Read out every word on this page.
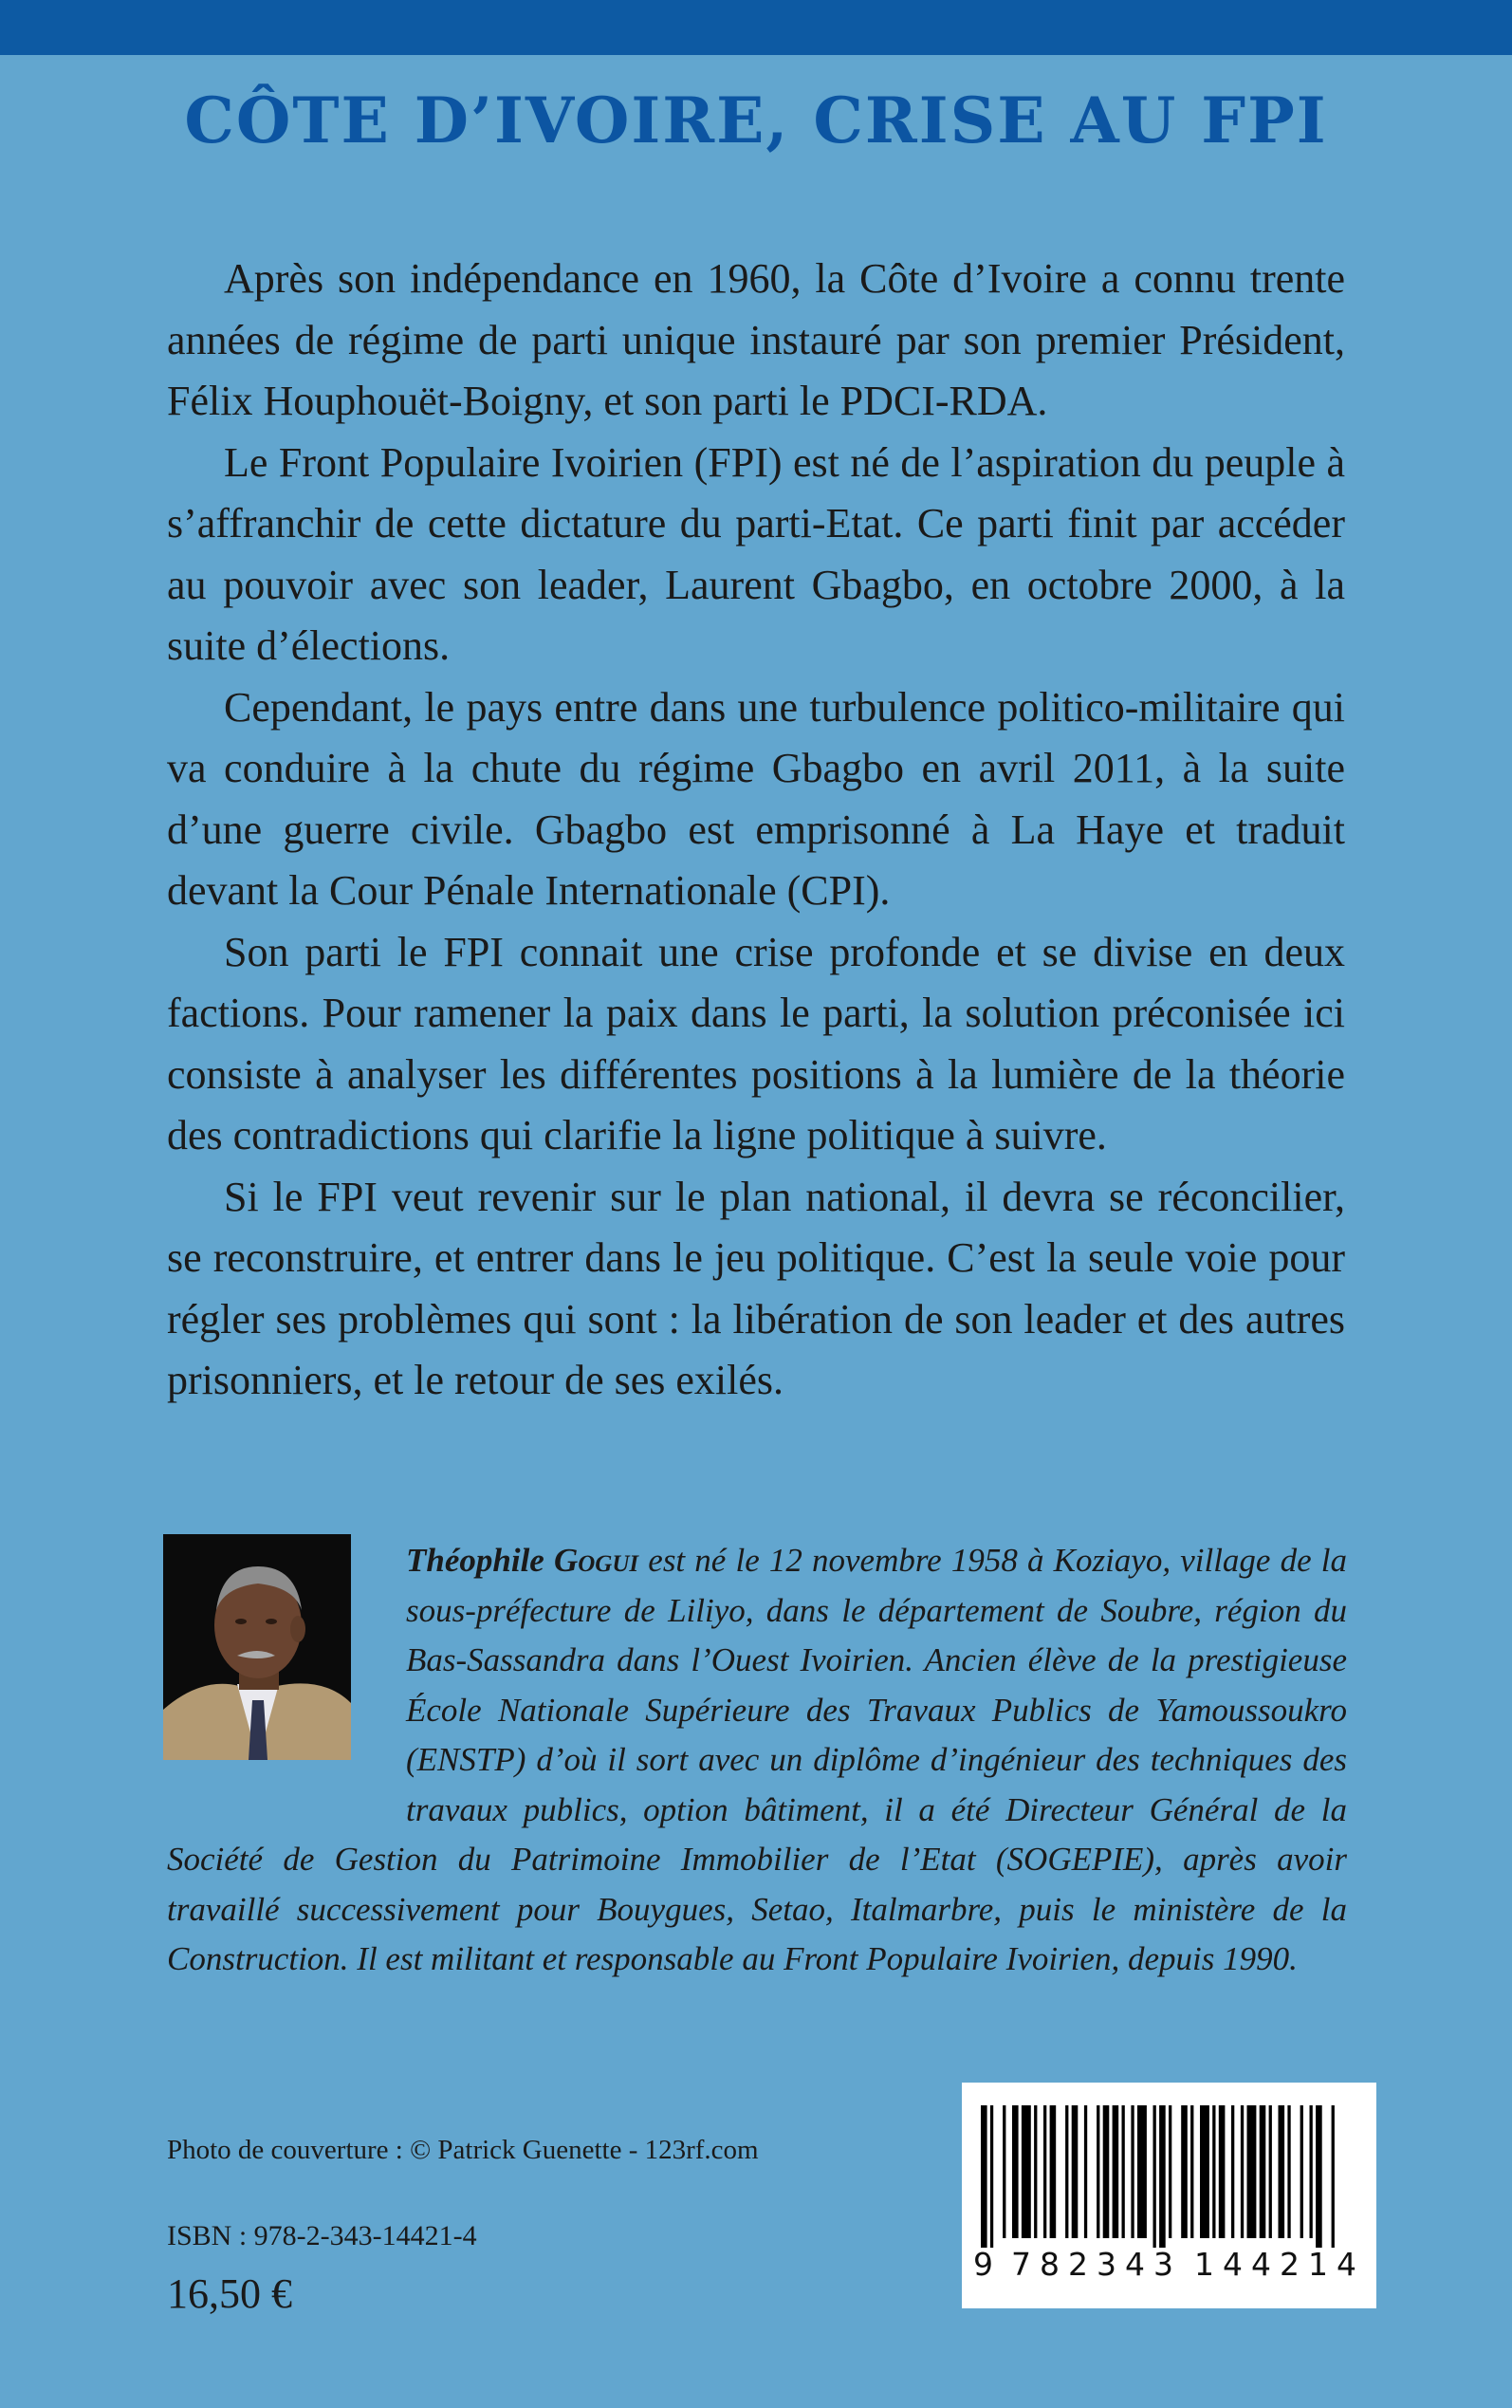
CÔTE D’IVOIRE, CRISE AU FPI

Après son indépendance en 1960, la Côte d’Ivoire a connu trente années de régime de parti unique instauré par son premier Président, Félix Houphouët-Boigny, et son parti le PDCI-RDA.

Le Front Populaire Ivoirien (FPI) est né de l’aspiration du peuple à s’affranchir de cette dictature du parti-Etat. Ce parti finit par accéder au pouvoir avec son leader, Laurent Gbagbo, en octobre 2000, à la suite d’élections.

Cependant, le pays entre dans une turbulence politico-militaire qui va conduire à la chute du régime Gbagbo en avril 2011, à la suite d’une guerre civile. Gbagbo est emprisonné à La Haye et traduit devant la Cour Pénale Internationale (CPI).

Son parti le FPI connait une crise profonde et se divise en deux factions. Pour ramener la paix dans le parti, la solution préconisée ici consiste à analyser les différentes positions à la lumière de la théorie des contradictions qui clarifie la ligne politique à suivre.

Si le FPI veut revenir sur le plan national, il devra se réconcilier, se reconstruire, et entrer dans le jeu politique. C’est la seule voie pour régler ses problèmes qui sont : la libération de son leader et des autres prisonniers, et le retour de ses exilés.

Théophile Gogui est né le 12 novembre 1958 à Koziayo, village de la sous-préfecture de Liliyo, dans le département de Soubre, région du Bas-Sassandra dans l’Ouest Ivoirien. Ancien élève de la prestigieuse École Nationale Supérieure des Travaux Publics de Yamoussoukro (ENSTP) d’où il sort avec un diplôme d’ingénieur des techniques des travaux publics, option bâtiment, il a été Directeur Général de la Société de Gestion du Patrimoine Immobilier de l’Etat (SOGEPIE), après avoir travaillé successivement pour Bouygues, Setao, Italmarbre, puis le ministère de la Construction. Il est militant et responsable au Front Populaire Ivoirien, depuis 1990.

Photo de couverture : © Patrick Guenette - 123rf.com

ISBN : 978-2-343-14421-4

16,50 €

9 782343 144214
